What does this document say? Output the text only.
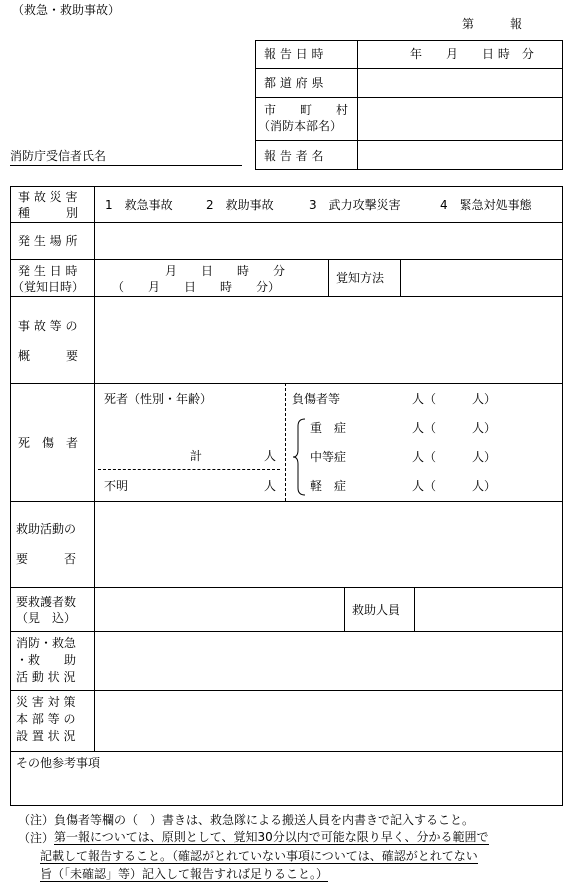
（救急・救助事故）
第　　　報
報 告 日 時	年　　月　　日 時　分
都 道 府 県
市　　町　　村
（消防本部名）
報 告 者 名
消防庁受信者氏名
事 故 災 害
種　　　別
1　救急事故	2　救助事故	3　武力攻撃災害	4　緊急対処事態
発 生 場 所
発 生 日 時
（覚知日時）
月　　日　　時　　分
（　　月　　日　　時　　分）
覚知方法
事 故 等 の
概　　　要
死　傷　者
死者（性別・年齢）
計	人
不明	人
負傷者等	人（　　　人）
重　症	人（　　　人）
中等症	人（　　　人）
軽　症	人（　　　人）
救助活動の
要　　　否
要救護者数
（見　込）
救助人員
消防・救急
・救　　助
活 動 状 況
災 害 対 策
本 部 等 の
設 置 状 況
その他参考事項
（注）負傷者等欄の（　）書きは、救急隊による搬送人員を内書きで記入すること。
（注） 第一報については、原則として、覚知30分以内で可能な限り早く、分かる範囲で
記載して報告すること。（確認がとれていない事項については、確認がとれてない
旨（「未確認」等）記入して報告すれば足りること。）
